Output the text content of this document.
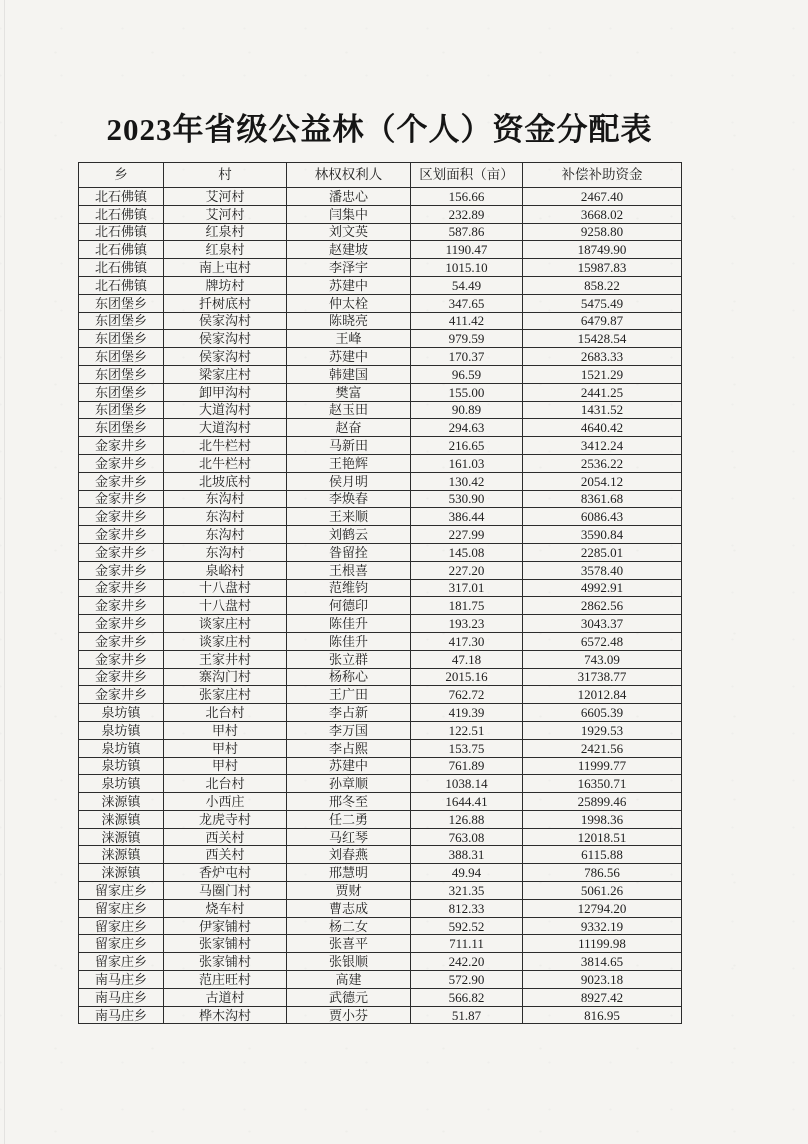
2023年省级公益林（个人）资金分配表
乡	村	林权权利人	区划面积（亩）	补偿补助资金
北石佛镇	艾河村	潘忠心	156.66	2467.40
北石佛镇	艾河村	闫集中	232.89	3668.02
北石佛镇	红泉村	刘文英	587.86	9258.80
北石佛镇	红泉村	赵建坡	1190.47	18749.90
北石佛镇	南上屯村	李泽宇	1015.10	15987.83
北石佛镇	牌坊村	苏建中	54.49	858.22
东团堡乡	扦树底村	仲太栓	347.65	5475.49
东团堡乡	侯家沟村	陈晓亮	411.42	6479.87
东团堡乡	侯家沟村	王峰	979.59	15428.54
东团堡乡	侯家沟村	苏建中	170.37	2683.33
东团堡乡	梁家庄村	韩建国	96.59	1521.29
东团堡乡	卸甲沟村	樊富	155.00	2441.25
东团堡乡	大道沟村	赵玉田	90.89	1431.52
东团堡乡	大道沟村	赵奋	294.63	4640.42
金家井乡	北牛栏村	马新田	216.65	3412.24
金家井乡	北牛栏村	王艳辉	161.03	2536.22
金家井乡	北坡底村	侯月明	130.42	2054.12
金家井乡	东沟村	李焕春	530.90	8361.68
金家井乡	东沟村	王来顺	386.44	6086.43
金家井乡	东沟村	刘鹤云	227.99	3590.84
金家井乡	东沟村	昝留拴	145.08	2285.01
金家井乡	泉峪村	王根喜	227.20	3578.40
金家井乡	十八盘村	范维钧	317.01	4992.91
金家井乡	十八盘村	何德印	181.75	2862.56
金家井乡	谈家庄村	陈佳升	193.23	3043.37
金家井乡	谈家庄村	陈佳升	417.30	6572.48
金家井乡	王家井村	张立群	47.18	743.09
金家井乡	寨沟门村	杨称心	2015.16	31738.77
金家井乡	张家庄村	王广田	762.72	12012.84
泉坊镇	北台村	李占新	419.39	6605.39
泉坊镇	甲村	李万国	122.51	1929.53
泉坊镇	甲村	李占熙	153.75	2421.56
泉坊镇	甲村	苏建中	761.89	11999.77
泉坊镇	北台村	孙章顺	1038.14	16350.71
涞源镇	小西庄	邢冬至	1644.41	25899.46
涞源镇	龙虎寺村	任二勇	126.88	1998.36
涞源镇	西关村	马红琴	763.08	12018.51
涞源镇	西关村	刘春燕	388.31	6115.88
涞源镇	香炉屯村	邢慧明	49.94	786.56
留家庄乡	马圈门村	贾财	321.35	5061.26
留家庄乡	烧车村	曹志成	812.33	12794.20
留家庄乡	伊家铺村	杨二女	592.52	9332.19
留家庄乡	张家铺村	张喜平	711.11	11199.98
留家庄乡	张家铺村	张银顺	242.20	3814.65
南马庄乡	范庄旺村	高建	572.90	9023.18
南马庄乡	古道村	武德元	566.82	8927.42
南马庄乡	桦木沟村	贾小芬	51.87	816.95
